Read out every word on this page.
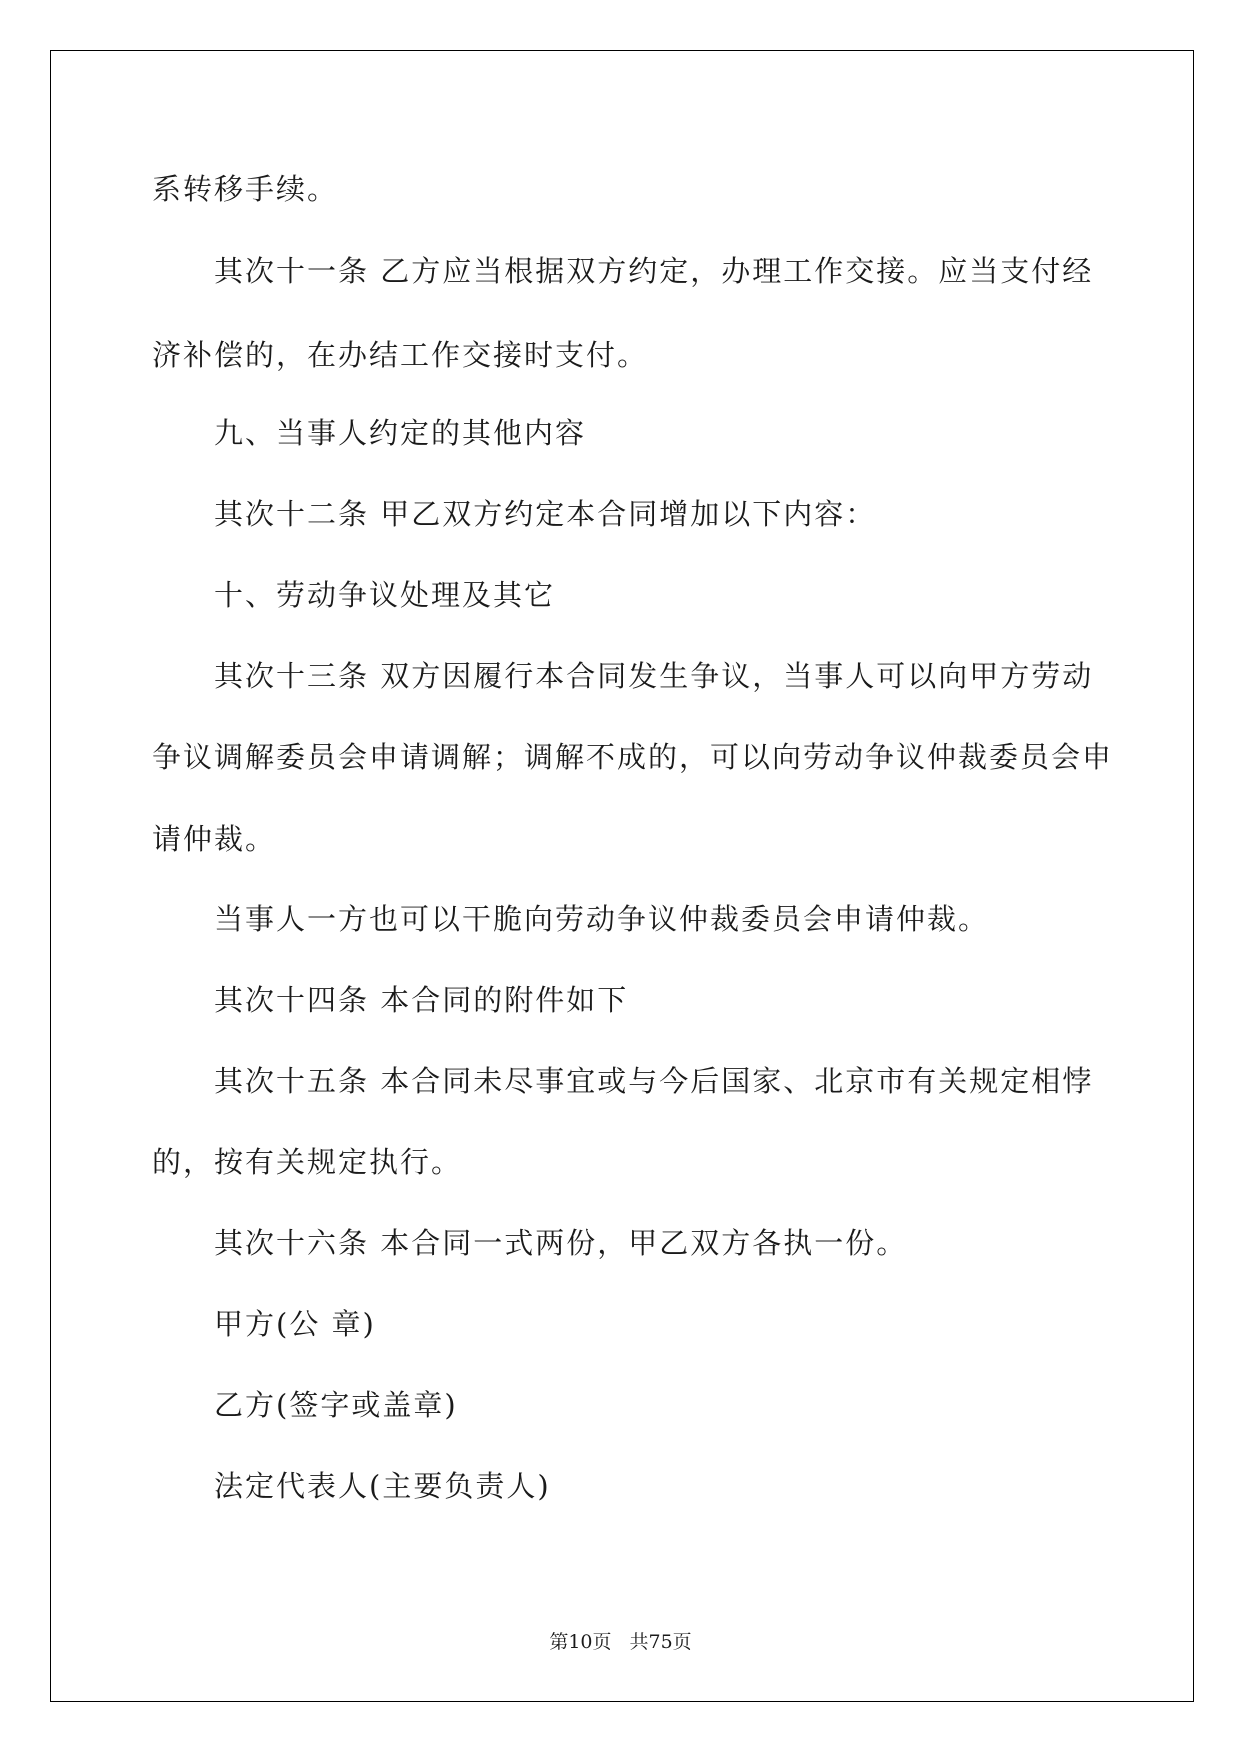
系转移手续。
其次十一条 乙方应当根据双方约定，办理工作交接。应当支付经
济补偿的，在办结工作交接时支付。
九、当事人约定的其他内容
其次十二条 甲乙双方约定本合同增加以下内容：
十、劳动争议处理及其它
其次十三条 双方因履行本合同发生争议，当事人可以向甲方劳动
争议调解委员会申请调解；调解不成的，可以向劳动争议仲裁委员会申
请仲裁。
当事人一方也可以干脆向劳动争议仲裁委员会申请仲裁。
其次十四条 本合同的附件如下
其次十五条 本合同未尽事宜或与今后国家、北京市有关规定相悖
的，按有关规定执行。
其次十六条 本合同一式两份，甲乙双方各执一份。
甲方(公 章)
乙方(签字或盖章)
法定代表人(主要负责人)
第10页 共75页
